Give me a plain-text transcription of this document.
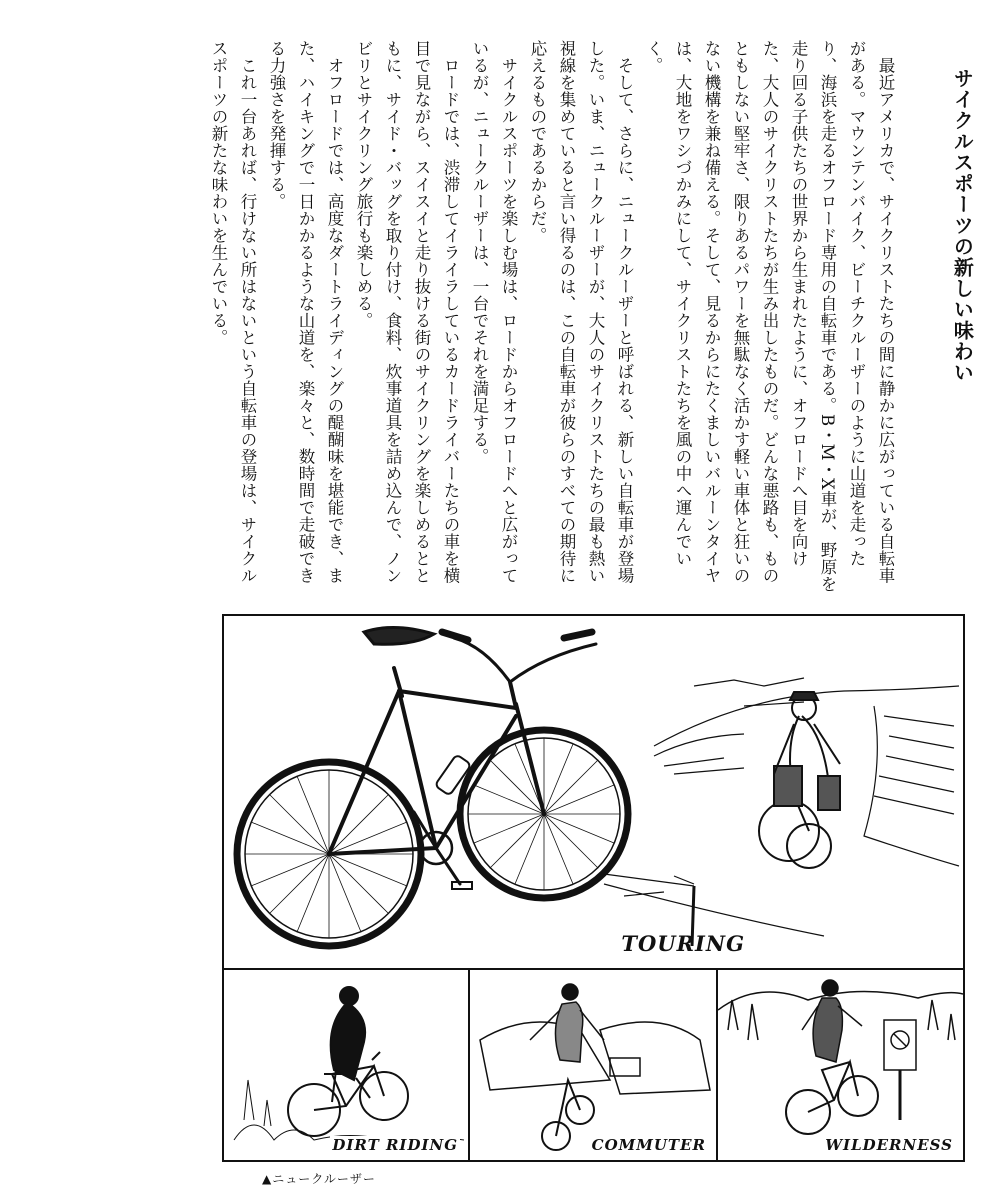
サイクルスポーツの新しい味わい

　最近アメリカで、サイクリストたちの間に静かに広がっている自転車がある。マウンテンバイク、ビーチクルーザーのように山道を走ったり、海浜を走るオフロード専用の自転車である。B・M・X車が、野原を走り回る子供たちの世界から生まれたように、オフロードへ目を向けた、大人のサイクリストたちが生み出したものだ。どんな悪路も、ものともしない堅牢さ、限りあるパワーを無駄なく活かす軽い車体と狂いのない機構を兼ね備える。そして、見るからにたくましいバルーンタイヤは、大地をワシづかみにして、サイクリストたちを風の中へ運んでいく。

　そして、さらに、ニュークルーザーと呼ばれる、新しい自転車が登場した。いま、ニュークルーザーが、大人のサイクリストたちの最も熱い視線を集めていると言い得るのは、この自転車が彼らのすべての期待に応えるものであるからだ。

　サイクルスポーツを楽しむ場は、ロードからオフロードへと広がっているが、ニュークルーザーは、一台でそれを満足する。

　ロードでは、渋滞してイライラしているカードライバーたちの車を横目で見ながら、スイスイと走り抜ける街のサイクリングを楽しめるとともに、サイド・バッグを取り付け、食料、炊事道具を詰め込んで、ノンビリとサイクリング旅行も楽しめる。

　オフロードでは、高度なダートライディングの醍醐味を堪能でき、また、ハイキングで一日かかるような山道を、楽々と、数時間で走破できる力強さを発揮する。

　これ一台あれば、行けない所はないという自転車の登場は、サイクルスポーツの新たな味わいを生んでいる。

TOURING
DIRT RIDING	COMMUTER	WILDERNESS
▲ニュークルーザー
